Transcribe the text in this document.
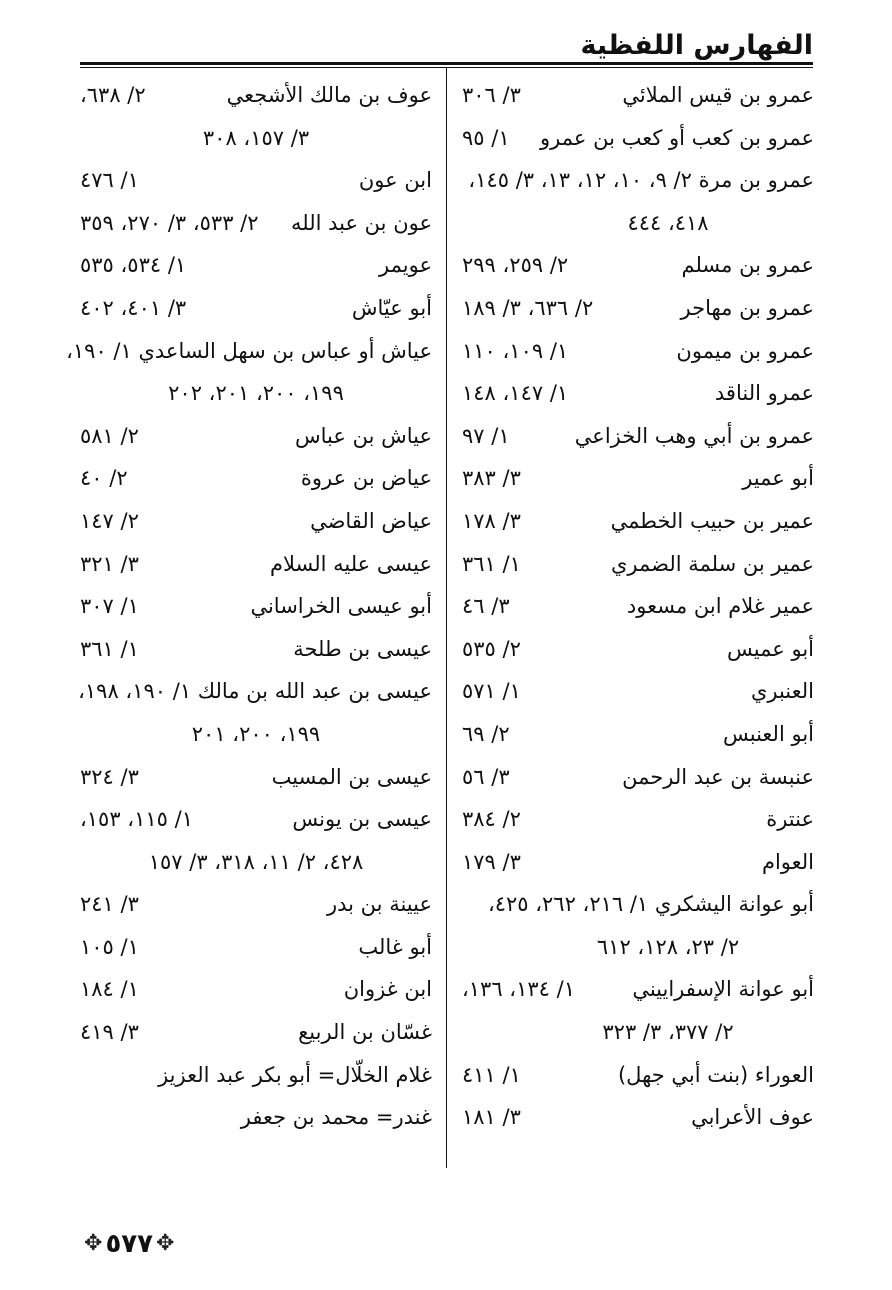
الفهارس اللفظية
عمرو بن قيس الملائي
٣/ ٣٠٦
عمرو بن كعب أو كعب بن عمرو
١/ ٩٥
عمرو بن مرة ٢/ ٩، ١٠، ١٢، ١٣، ٣/ ١٤٥،
٤١٨، ٤٤٤
عمرو بن مسلم
٢/ ٢٥٩، ٢٩٩
عمرو بن مهاجر
٢/ ٦٣٦، ٣/ ١٨٩
عمرو بن ميمون
١/ ١٠٩، ١١٠
عمرو الناقد
١/ ١٤٧، ١٤٨
عمرو بن أبي وهب الخزاعي
١/ ٩٧
أبو عمير
٣/ ٣٨٣
عمير بن حبيب الخطمي
٣/ ١٧٨
عمير بن سلمة الضمري
١/ ٣٦١
عمير غلام ابن مسعود
٣/ ٤٦
أبو عميس
٢/ ٥٣٥
العنبري
١/ ٥٧١
أبو العنبس
٢/ ٦٩
عنبسة بن عبد الرحمن
٣/ ٥٦
عنترة
٢/ ٣٨٤
العوام
٣/ ١٧٩
أبو عوانة اليشكري ١/ ٢١٦، ٢٦٢، ٤٢٥،
٢/ ٢٣، ١٢٨، ٦١٢
أبو عوانة الإسفراييني
١/ ١٣٤، ١٣٦،
٢/ ٣٧٧، ٣/ ٣٢٣
العوراء (بنت أبي جهل)
١/ ٤١١
عوف الأعرابي
٣/ ١٨١
عوف بن مالك الأشجعي
٢/ ٦٣٨،
٣/ ١٥٧، ٣٠٨
ابن عون
١/ ٤٧٦
عون بن عبد الله
٢/ ٥٣٣، ٣/ ٢٧٠، ٣٥٩
عويمر
١/ ٥٣٤، ٥٣٥
أبو عيّاش
٣/ ٤٠١، ٤٠٢
عياش أو عباس بن سهل الساعدي ١/ ١٩٠،
١٩٩، ٢٠٠، ٢٠١، ٢٠٢
عياش بن عباس
٢/ ٥٨١
عياض بن عروة
٢/ ٤٠
عياض القاضي
٢/ ١٤٧
عيسى عليه السلام
٣/ ٣٢١
أبو عيسى الخراساني
١/ ٣٠٧
عيسى بن طلحة
١/ ٣٦١
عيسى بن عبد الله بن مالك ١/ ١٩٠، ١٩٨،
١٩٩، ٢٠٠، ٢٠١
عيسى بن المسيب
٣/ ٣٢٤
عيسى بن يونس
١/ ١١٥، ١٥٣،
٤٢٨، ٢/ ١١، ٣١٨، ٣/ ١٥٧
عيينة بن بدر
٣/ ٢٤١
أبو غالب
١/ ١٠٥
ابن غزوان
١/ ١٨٤
غسّان بن الربيع
٣/ ٤١٩
غلام الخلّال= أبو بكر عبد العزيز
غندر= محمد بن جعفر
✥ ٥٧٧ ✥
